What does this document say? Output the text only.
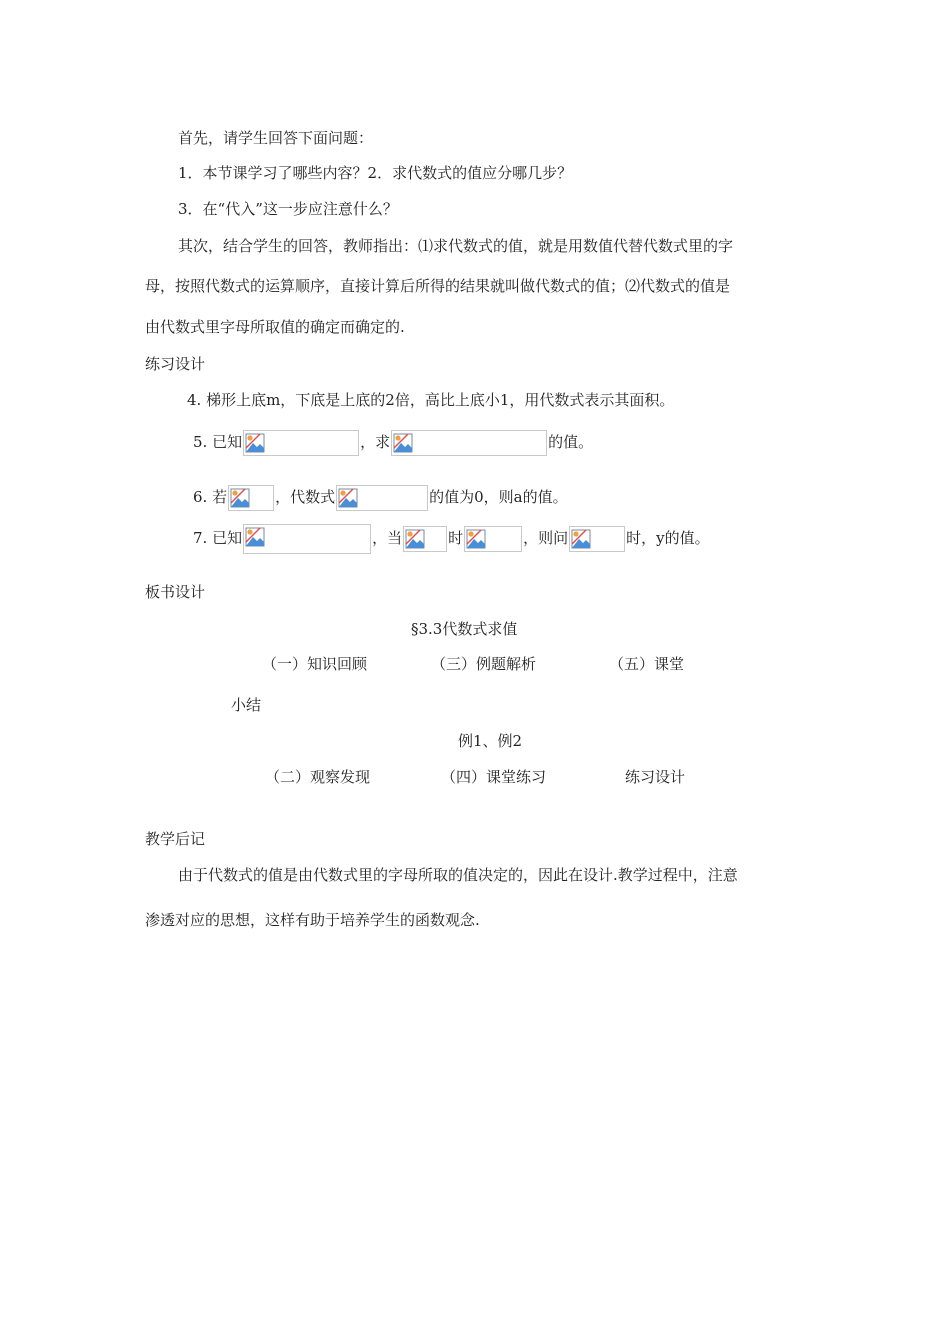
首先，请学生回答下面问题：
1．本节课学习了哪些内容？2．求代数式的值应分哪几步？
3．在“代入”这一步应注意什么？
其次，结合学生的回答，教师指出：⑴求代数式的值，就是用数值代替代数式里的字
母，按照代数式的运算顺序，直接计算后所得的结果就叫做代数式的值；⑵代数式的值是
由代数式里字母所取值的确定而确定的.
练习设计
4. 梯形上底m，下底是上底的2倍，高比上底小1，用代数式表示其面积。
5. 已知	，求	的值。
6. 若	，代数式	的值为0，则a的值。
7. 已知	，当	时	，则问	时，y的值。
板书设计
§3.3代数式求值
（一）知识回顾	（三）例题解析	（五）课堂
小结
例1、例2
（二）观察发现	（四）课堂练习	练习设计
教学后记
由于代数式的值是由代数式里的字母所取的值决定的，因此在设计.教学过程中，注意
渗透对应的思想，这样有助于培养学生的函数观念.
